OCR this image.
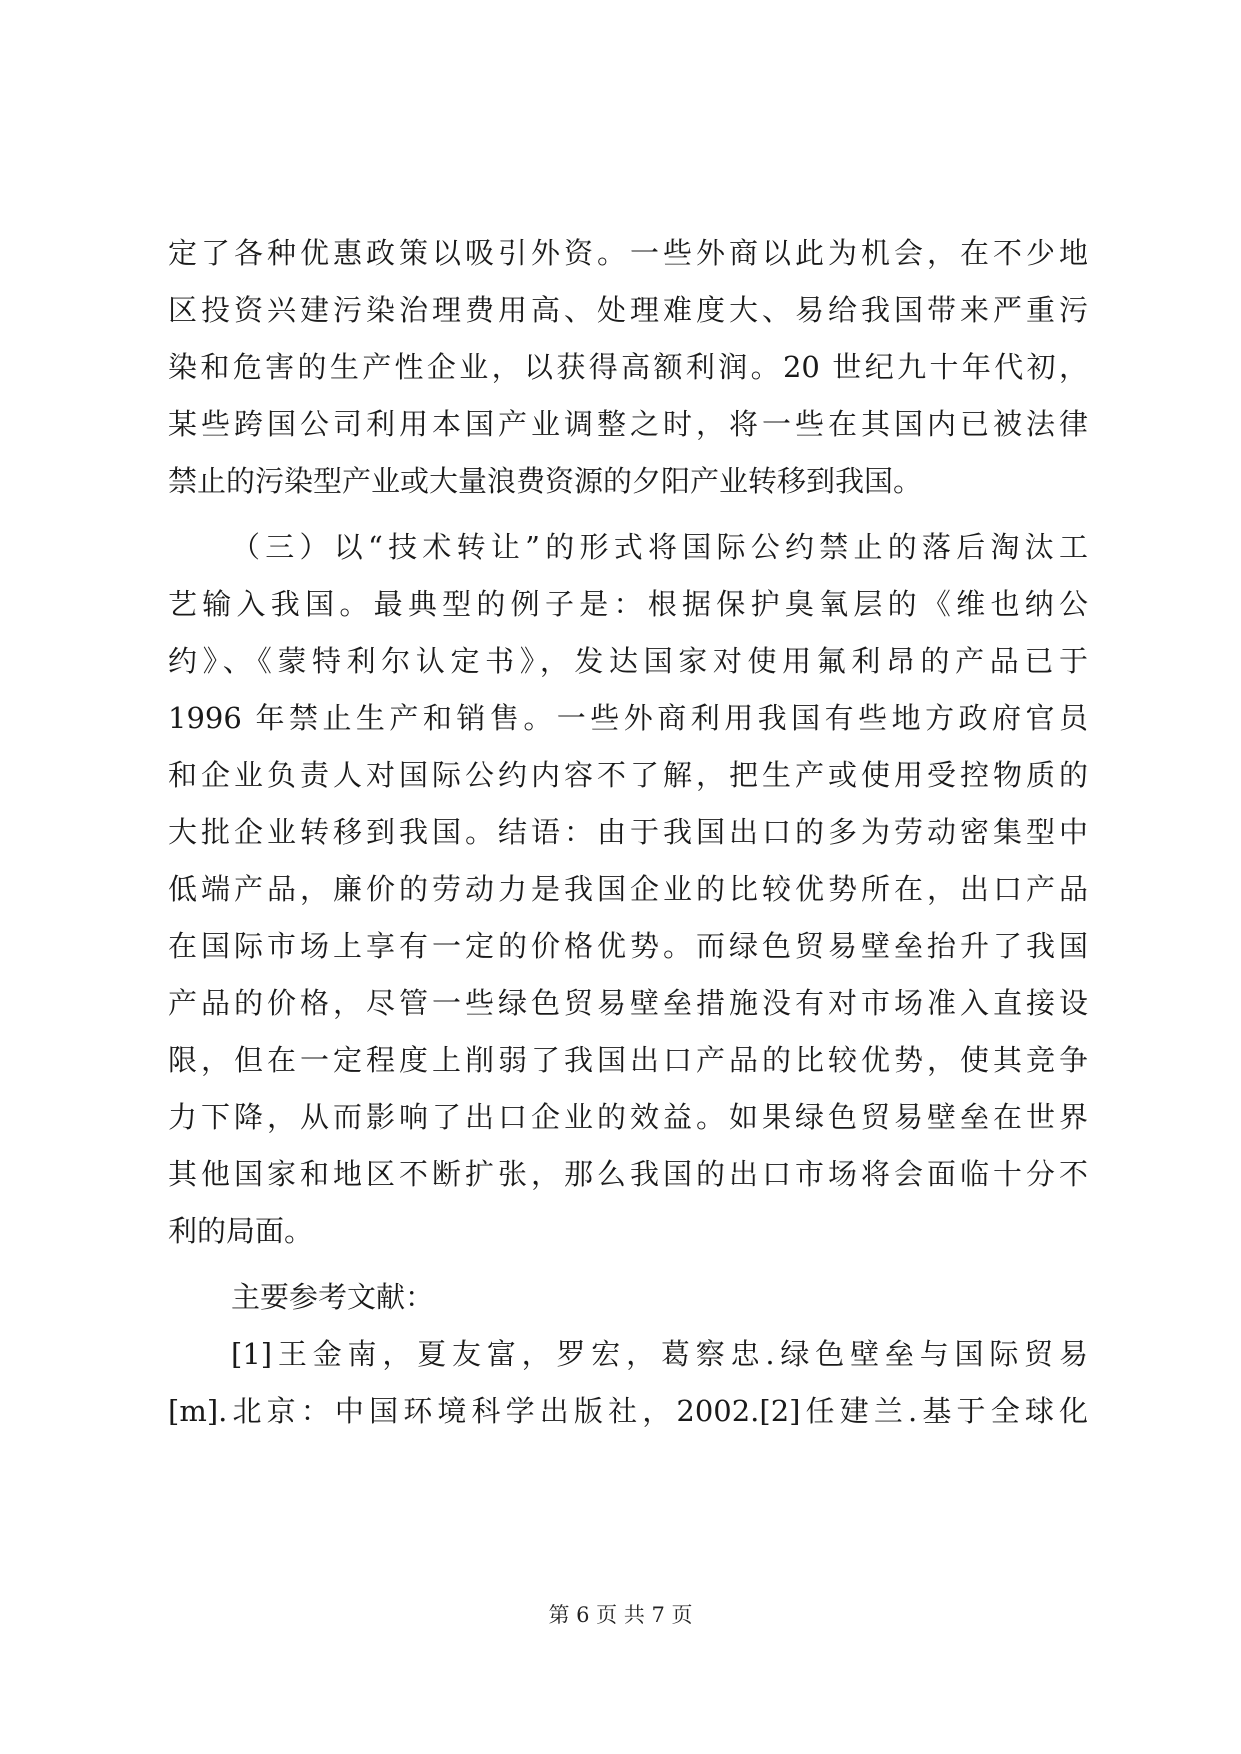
定了各种优惠政策以吸引外资。一些外商以此为机会，在不少地
区投资兴建污染治理费用高、处理难度大、易给我国带来严重污
染和危害的生产性企业，以获得高额利润。20 世纪九十年代初，
某些跨国公司利用本国产业调整之时，将一些在其国内已被法律
禁止的污染型产业或大量浪费资源的夕阳产业转移到我国。
（三）以“技术转让”的形式将国际公约禁止的落后淘汰工
艺输入我国。最典型的例子是：根据保护臭氧层的《维也纳公
约》、《蒙特利尔认定书》，发达国家对使用氟利昂的产品已于
1996 年禁止生产和销售。一些外商利用我国有些地方政府官员
和企业负责人对国际公约内容不了解，把生产或使用受控物质的
大批企业转移到我国。结语：由于我国出口的多为劳动密集型中
低端产品，廉价的劳动力是我国企业的比较优势所在，出口产品
在国际市场上享有一定的价格优势。而绿色贸易壁垒抬升了我国
产品的价格，尽管一些绿色贸易壁垒措施没有对市场准入直接设
限，但在一定程度上削弱了我国出口产品的比较优势，使其竞争
力下降，从而影响了出口企业的效益。如果绿色贸易壁垒在世界
其他国家和地区不断扩张，那么我国的出口市场将会面临十分不
利的局面。
主要参考文献：
[1]王金南，夏友富，罗宏，葛察忠.绿色壁垒与国际贸易
[m].北京：中国环境科学出版社，2002.[2]任建兰.基于全球化
第 6 页 共 7 页
